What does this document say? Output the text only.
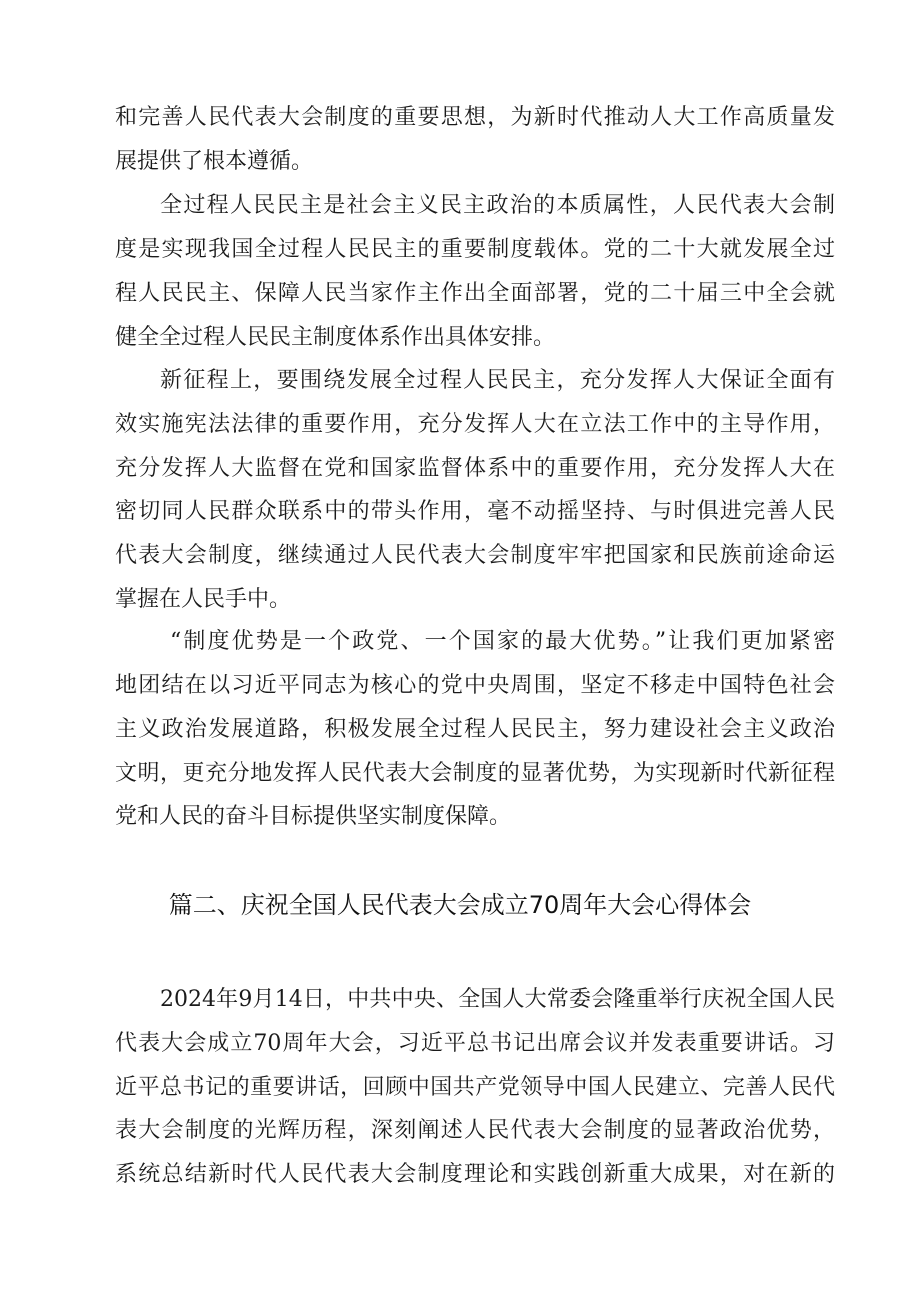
和完善人民代表大会制度的重要思想，为新时代推动人大工作高质量发
展提供了根本遵循。
全过程人民民主是社会主义民主政治的本质属性，人民代表大会制
度是实现我国全过程人民民主的重要制度载体。党的二十大就发展全过
程人民民主、保障人民当家作主作出全面部署，党的二十届三中全会就
健全全过程人民民主制度体系作出具体安排。
新征程上，要围绕发展全过程人民民主，充分发挥人大保证全面有
效实施宪法法律的重要作用，充分发挥人大在立法工作中的主导作用，
充分发挥人大监督在党和国家监督体系中的重要作用，充分发挥人大在
密切同人民群众联系中的带头作用，毫不动摇坚持、与时俱进完善人民
代表大会制度，继续通过人民代表大会制度牢牢把国家和民族前途命运
掌握在人民手中。
“制度优势是一个政党、一个国家的最大优势。”让我们更加紧密
地团结在以习近平同志为核心的党中央周围，坚定不移走中国特色社会
主义政治发展道路，积极发展全过程人民民主，努力建设社会主义政治
文明，更充分地发挥人民代表大会制度的显著优势，为实现新时代新征程
党和人民的奋斗目标提供坚实制度保障。
篇二、庆祝全国人民代表大会成立70周年大会心得体会
2024年9月14日，中共中央、全国人大常委会隆重举行庆祝全国人民
代表大会成立70周年大会，习近平总书记出席会议并发表重要讲话。习
近平总书记的重要讲话，回顾中国共产党领导中国人民建立、完善人民代
表大会制度的光辉历程，深刻阐述人民代表大会制度的显著政治优势，
系统总结新时代人民代表大会制度理论和实践创新重大成果，对在新的
